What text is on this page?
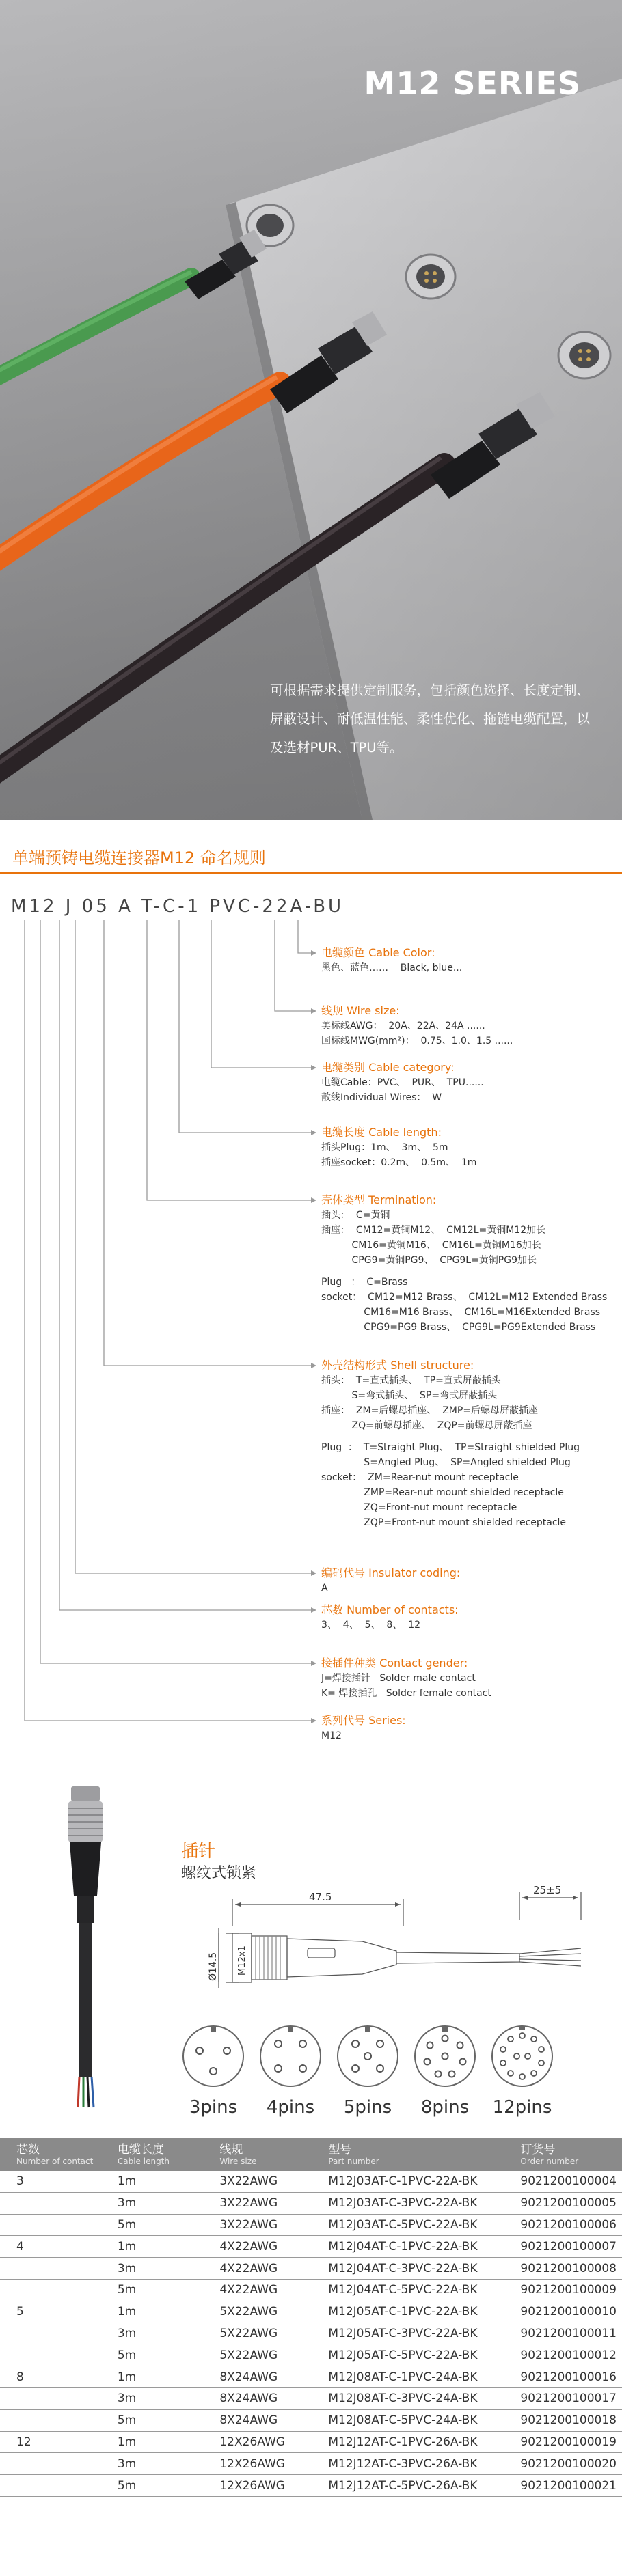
M12 SERIES

可根据需求提供定制服务，包括颜色选择、长度定制、屏蔽设计、耐低温性能、柔性优化、拖链电缆配置，以及选材PUR、TPU等。

单端预铸电缆连接器M12 命名规则
M12 J 05 A T-C-1 PVC-22A-BU
电缆颜色 Cable Color:
黑色、蓝色……    Black, blue...
线规 Wire size:
美标线AWG：  20A、22A、24A ......
国标线MWG(mm²)：  0.75、1.0、1.5 ......
电缆类别 Cable category:
电缆Cable：PVC、  PUR、  TPU......
散线Individual Wires：  W
电缆长度 Cable length:
插头Plug：1m、  3m、  5m
插座socket：0.2m、  0.5m、  1m
壳体类型 Termination:
插头：  C=黄铜
插座：  CM12=黄铜M12、  CM12L=黄铜M12加长
CM16=黄铜M16、  CM16L=黄铜M16加长
CPG9=黄铜PG9、  CPG9L=黄铜PG9加长
Plug   ：  C=Brass
socket：  CM12=M12 Brass、  CM12L=M12 Extended Brass
CM16=M16 Brass、  CM16L=M16Extended Brass
CPG9=PG9 Brass、  CPG9L=PG9Extended Brass
外壳结构形式 Shell structure:
插头：  T=直式插头、  TP=直式屏蔽插头
S=弯式插头、  SP=弯式屏蔽插头
插座：  ZM=后螺母插座、  ZMP=后螺母屏蔽插座
ZQ=前螺母插座、  ZQP=前螺母屏蔽插座
Plug  ：  T=Straight Plug、  TP=Straight shielded Plug
S=Angled Plug、  SP=Angled shielded Plug
socket：  ZM=Rear-nut mount receptacle
ZMP=Rear-nut mount shielded receptacle
ZQ=Front-nut mount receptacle
ZQP=Front-nut mount shielded receptacle
编码代号 Insulator coding:
A
芯数 Number of contacts:
3、  4、  5、  8、  12
接插件种类 Contact gender:
J=焊接插针   Solder male contact
K= 焊接插孔   Solder female contact
系列代号 Series:
M12
插针
螺纹式锁紧
47.5
25±5
Ø14.5 M12x1
3pins	4pins	5pins	8pins	12pins
芯数
Number of contact	电缆长度
Cable length	线规
Wire size	型号
Part number	订货号
Order number

3	1m	3X22AWG	M12J03AT-C-1PVC-22A-BK	9021200100004
	3m	3X22AWG	M12J03AT-C-3PVC-22A-BK	9021200100005
	5m	3X22AWG	M12J03AT-C-5PVC-22A-BK	9021200100006
4	1m	4X22AWG	M12J04AT-C-1PVC-22A-BK	9021200100007
	3m	4X22AWG	M12J04AT-C-3PVC-22A-BK	9021200100008
	5m	4X22AWG	M12J04AT-C-5PVC-22A-BK	9021200100009
5	1m	5X22AWG	M12J05AT-C-1PVC-22A-BK	9021200100010
	3m	5X22AWG	M12J05AT-C-3PVC-22A-BK	9021200100011
	5m	5X22AWG	M12J05AT-C-5PVC-22A-BK	9021200100012
8	1m	8X24AWG	M12J08AT-C-1PVC-24A-BK	9021200100016
	3m	8X24AWG	M12J08AT-C-3PVC-24A-BK	9021200100017
	5m	8X24AWG	M12J08AT-C-5PVC-24A-BK	9021200100018
12	1m	12X26AWG	M12J12AT-C-1PVC-26A-BK	9021200100019
	3m	12X26AWG	M12J12AT-C-3PVC-26A-BK	9021200100020
	5m	12X26AWG	M12J12AT-C-5PVC-26A-BK	9021200100021
